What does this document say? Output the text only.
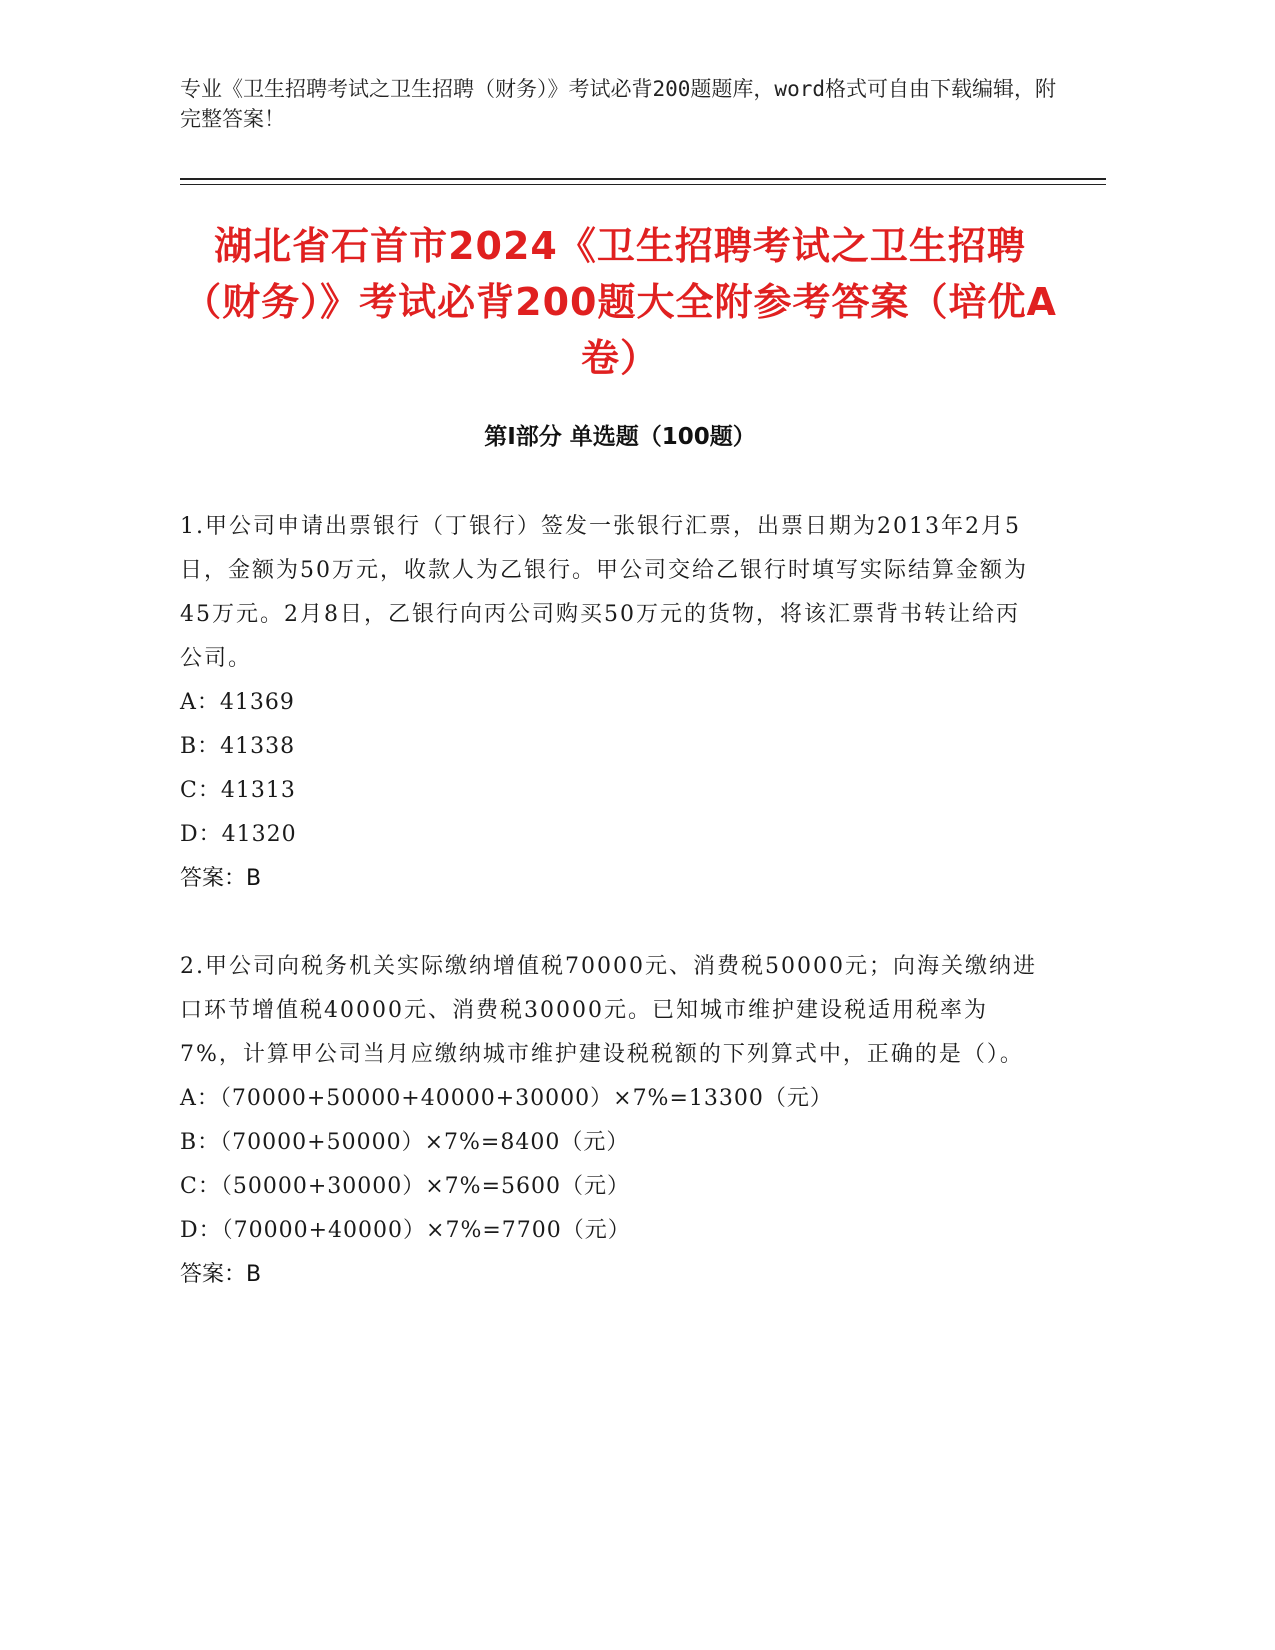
专业《卫生招聘考试之卫生招聘（财务）》考试必背200题题库，word格式可自由下载编辑，附完整答案！
湖北省石首市2024《卫生招聘考试之卫生招聘（财务）》考试必背200题大全附参考答案（培优A卷）
第Ⅰ部分 单选题（100题）

1.甲公司申请出票银行（丁银行）签发一张银行汇票，出票日期为2013年2月5日，金额为50万元，收款人为乙银行。甲公司交给乙银行时填写实际结算金额为45万元。2月8日，乙银行向丙公司购买50万元的货物，将该汇票背书转让给丙公司。

A：41369

B：41338

C：41313

D：41320

答案：B

2.甲公司向税务机关实际缴纳增值税70000元、消费税50000元；向海关缴纳进口环节增值税40000元、消费税30000元。已知城市维护建设税适用税率为7%，计算甲公司当月应缴纳城市维护建设税税额的下列算式中，正确的是（）。

A：（70000+50000+40000+30000）×7%=13300（元）

B：（70000+50000）×7%=8400（元）

C：（50000+30000）×7%=5600（元）

D：（70000+40000）×7%=7700（元）

答案：B
